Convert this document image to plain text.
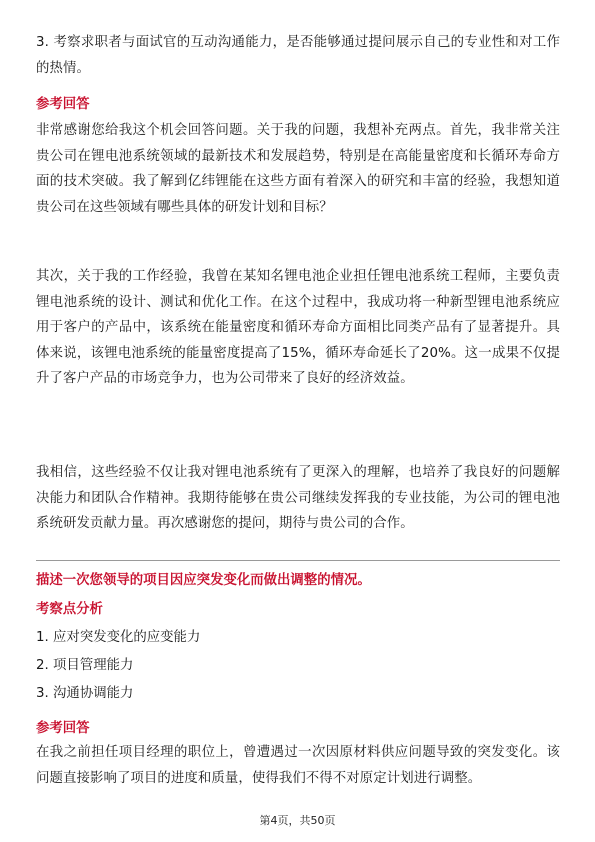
3. 考察求职者与面试官的互动沟通能力，是否能够通过提问展示自己的专业性和对工作的热情。

参考回答

非常感谢您给我这个机会回答问题。关于我的问题，我想补充两点。首先，我非常关注贵公司在锂电池系统领域的最新技术和发展趋势，特别是在高能量密度和长循环寿命方面的技术突破。我了解到亿纬锂能在这些方面有着深入的研究和丰富的经验，我想知道贵公司在这些领域有哪些具体的研发计划和目标？

其次，关于我的工作经验，我曾在某知名锂电池企业担任锂电池系统工程师，主要负责锂电池系统的设计、测试和优化工作。在这个过程中，我成功将一种新型锂电池系统应用于客户的产品中，该系统在能量密度和循环寿命方面相比同类产品有了显著提升。具体来说，该锂电池系统的能量密度提高了15%，循环寿命延长了20%。这一成果不仅提升了客户产品的市场竞争力，也为公司带来了良好的经济效益。

我相信，这些经验不仅让我对锂电池系统有了更深入的理解，也培养了我良好的问题解决能力和团队合作精神。我期待能够在贵公司继续发挥我的专业技能，为公司的锂电池系统研发贡献力量。再次感谢您的提问，期待与贵公司的合作。

描述一次您领导的项目因应突发变化而做出调整的情况。

考察点分析

1. 应对突发变化的应变能力

2. 项目管理能力

3. 沟通协调能力

参考回答

在我之前担任项目经理的职位上，曾遭遇过一次因原材料供应问题导致的突发变化。该问题直接影响了项目的进度和质量，使得我们不得不对原定计划进行调整。

第4页，共50页
